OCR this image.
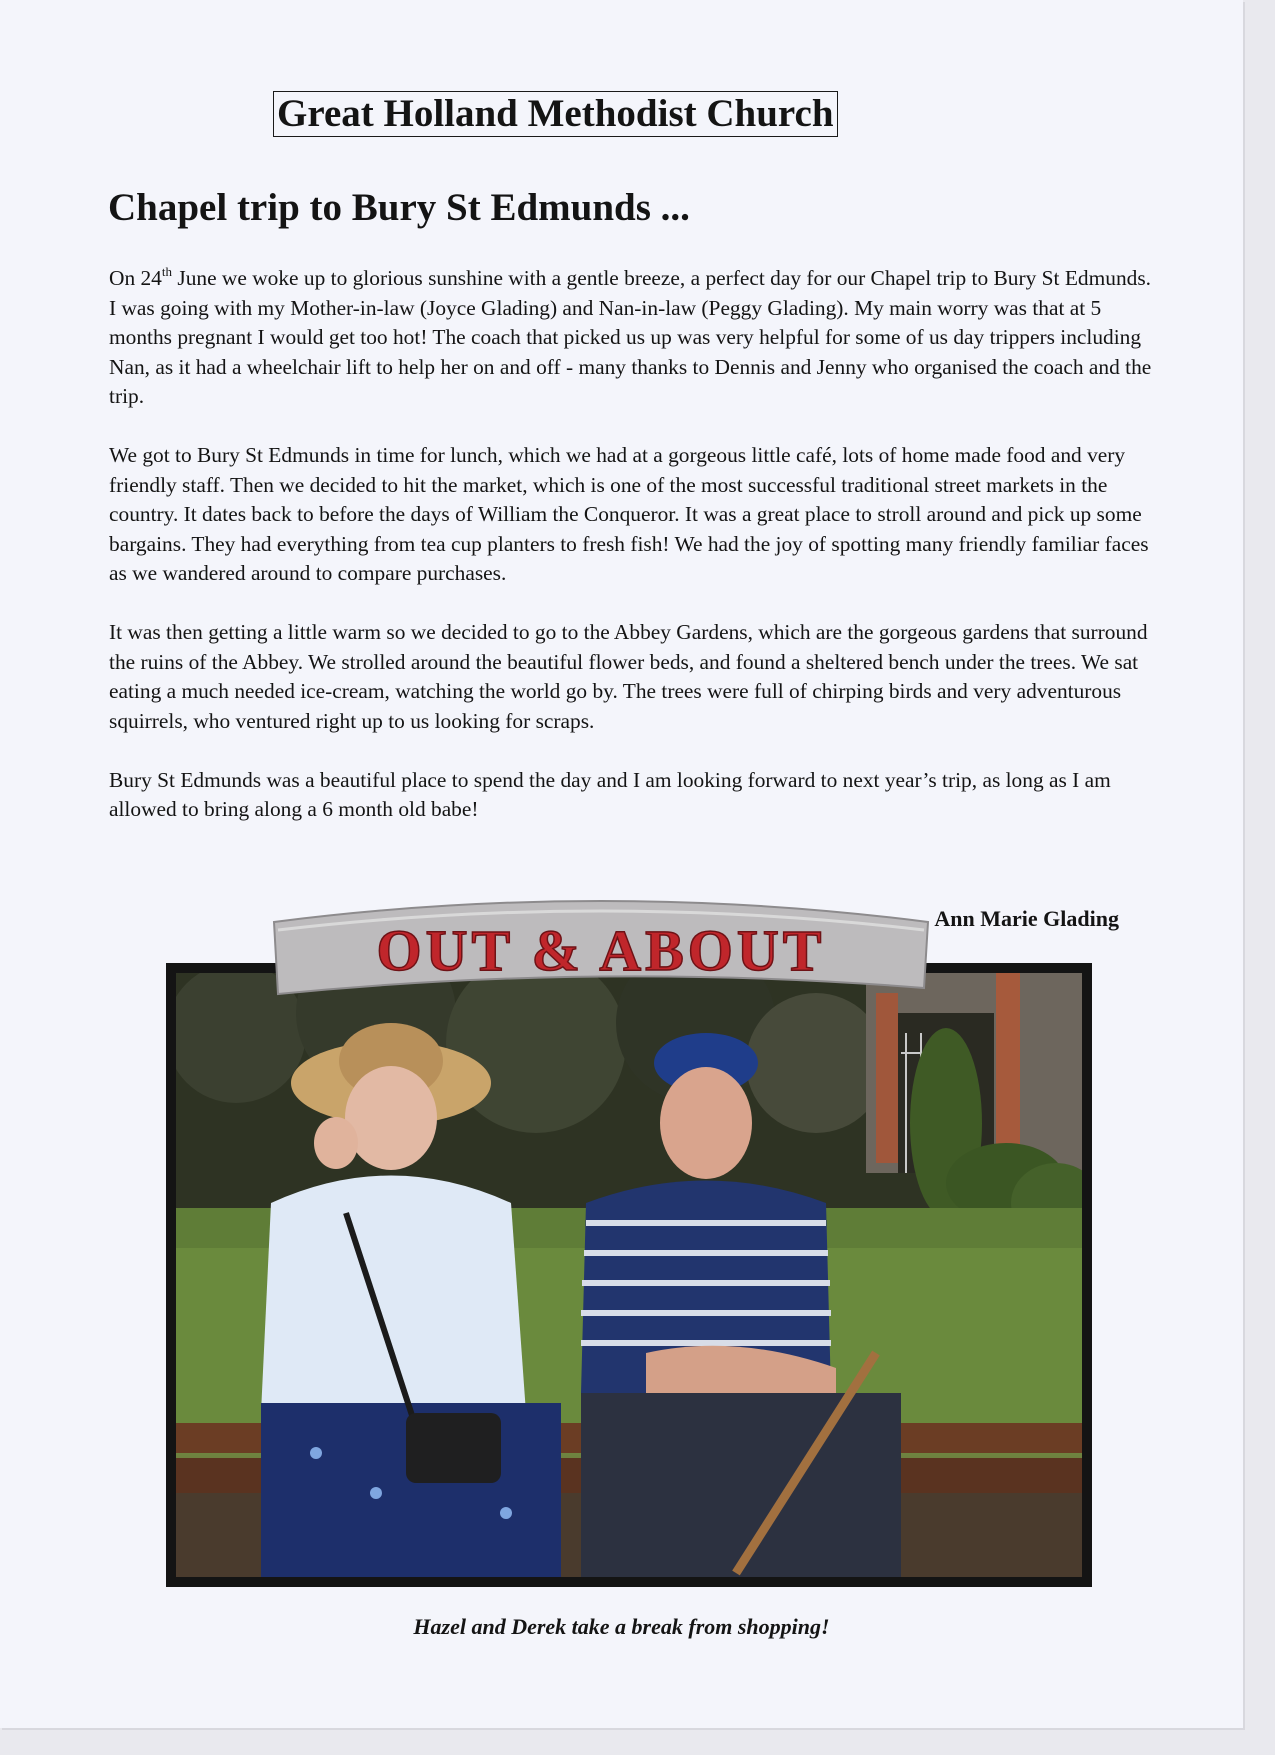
Great Holland Methodist Church
Chapel trip to Bury St Edmunds ...

On 24th June we woke up to glorious sunshine with a gentle breeze, a perfect day for our Chapel trip to Bury St Edmunds. I was going with my Mother-in-law (Joyce Glading) and Nan-in-law (Peggy Glading). My main worry was that at 5 months pregnant I would get too hot! The coach that picked us up was very helpful for some of us day trippers including Nan, as it had a wheelchair lift to help her on and off - many thanks to Dennis and Jenny who organised the coach and the trip.

We got to Bury St Edmunds in time for lunch, which we had at a gorgeous little café, lots of home made food and very friendly staff. Then we decided to hit the market, which is one of the most successful traditional street markets in the country. It dates back to before the days of William the Conqueror. It was a great place to stroll around and pick up some bargains. They had everything from tea cup planters to fresh fish! We had the joy of spotting many friendly familiar faces as we wandered around to compare purchases.

It was then getting a little warm so we decided to go to the Abbey Gardens, which are the gorgeous gardens that surround the ruins of the Abbey. We strolled around the beautiful flower beds, and found a sheltered bench under the trees. We sat eating a much needed ice-cream, watching the world go by. The trees were full of chirping birds and very adventurous squirrels, who ventured right up to us looking for scraps.

Bury St Edmunds was a beautiful place to spend the day and I am looking forward to next year’s trip, as long as I am allowed to bring along a 6 month old babe!

Ann Marie Glading
OUT & ABOUT
Hazel and Derek take a break from shopping!
